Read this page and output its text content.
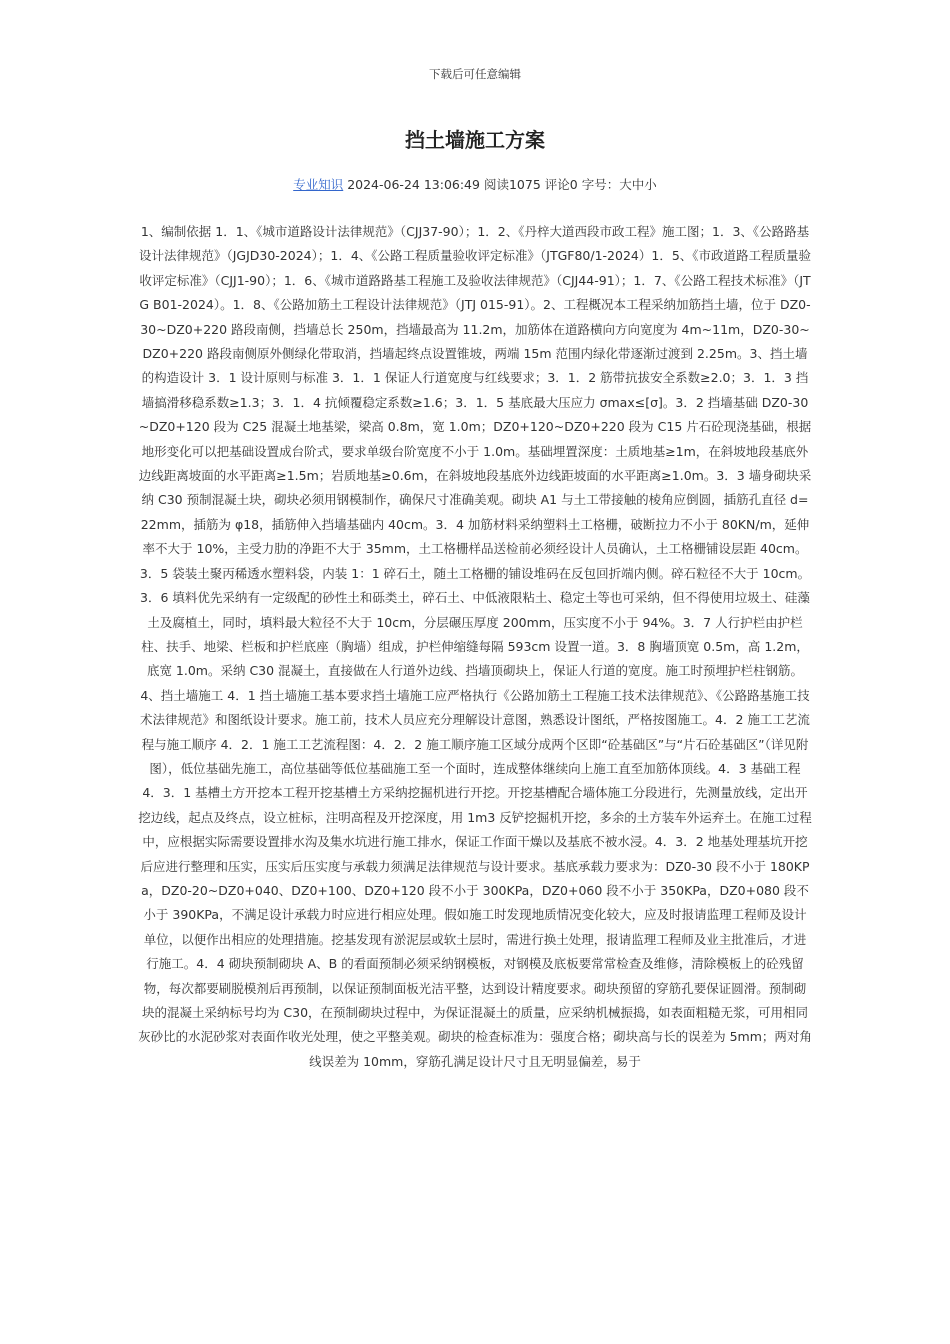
下载后可任意编辑
挡土墙施工方案
专业知识 2024-06-24 13:06:49 阅读1075 评论0 字号：大中小

1、编制依据 1．1、《城市道路设计法律规范》（CJJ37-90）；1．2、《丹梓大道西段市政工程》施工图；1．3、《公路路基设计法律规范》（JGJD30-2024）；1．4、《公路工程质量验收评定标准》（JTGF80/1-2024）1．5、《市政道路工程质量验收评定标准》（CJJ1-90）；1．6、《城市道路路基工程施工及验收法律规范》（CJJ44-91）；1．7、《公路工程技术标准》（JTG B01-2024）。1．8、《公路加筋土工程设计法律规范》（JTJ 015-91）。2、工程概况本工程采纳加筋挡土墙，位于 DZ0-30~DZ0+220 路段南侧，挡墙总长 250m，挡墙最高为 11.2m，加筋体在道路横向方向宽度为 4m~11m，DZ0-30~DZ0+220 路段南侧原外侧绿化带取消，挡墙起终点设置锥坡，两端 15m 范围内绿化带逐渐过渡到 2.25m。3、挡土墙的构造设计 3．1 设计原则与标准 3．1．1 保证人行道宽度与红线要求；3．1．2 筋带抗拔安全系数≥2.0；3．1．3 挡墙搞滑移稳系数≥1.3；3．1．4 抗倾覆稳定系数≥1.6；3．1．5 基底最大压应力 σmax≤[σ]。3．2 挡墙基础 DZ0-30~DZ0+120 段为 C25 混凝土地基梁，梁高 0.8m，宽 1.0m；DZ0+120~DZ0+220 段为 C15 片石砼现浇基础，根据地形变化可以把基础设置成台阶式，要求单级台阶宽度不小于 1.0m。基础埋置深度：土质地基≥1m，在斜坡地段基底外边线距离坡面的水平距离≥1.5m；岩质地基≥0.6m，在斜坡地段基底外边线距坡面的水平距离≥1.0m。3．3 墙身砌块采纳 C30 预制混凝土块，砌块必须用钢模制作，确保尺寸准确美观。砌块 A1 与土工带接触的棱角应倒圆，插筋孔直径 d=22mm，插筋为 φ18，插筋伸入挡墙基础内 40cm。3．4 加筋材料采纳塑料土工格栅，破断拉力不小于 80KN/m，延伸率不大于 10%，主受力肋的净距不大于 35mm，土工格栅样品送检前必须经设计人员确认，土工格栅铺设层距 40cm。3．5 袋装土聚丙稀透水塑料袋，内装 1：1 碎石土，随土工格栅的铺设堆码在反包回折端内侧。碎石粒径不大于 10cm。3．6 填料优先采纳有一定级配的砂性土和砾类土，碎石土、中低液限粘土、稳定土等也可采纳，但不得使用垃圾土、硅藻土及腐植土，同时，填料最大粒径不大于 10cm，分层碾压厚度 200mm，压实度不小于 94%。3．7 人行护栏由护栏柱、扶手、地梁、栏板和护栏底座（胸墙）组成，护栏伸缩缝每隔 593cm 设置一道。3．8 胸墙顶宽 0.5m，高 1.2m，底宽 1.0m。采纳 C30 混凝土，直接做在人行道外边线、挡墙顶砌块上，保证人行道的宽度。施工时预埋护栏柱钢筋。4、挡土墙施工 4．1 挡土墙施工基本要求挡土墙施工应严格执行《公路加筋土工程施工技术法律规范》、《公路路基施工技术法律规范》和图纸设计要求。施工前，技术人员应充分理解设计意图，熟悉设计图纸，严格按图施工。4．2 施工工艺流程与施工顺序 4．2．1 施工工艺流程图：4．2．2 施工顺序施工区域分成两个区即“砼基础区”与“片石砼基础区”（详见附图），低位基础先施工，高位基础等低位基础施工至一个面时，连成整体继续向上施工直至加筋体顶线。4．3 基础工程 4．3．1 基槽土方开挖本工程开挖基槽土方采纳挖掘机进行开挖。开挖基槽配合墙体施工分段进行，先测量放线，定出开挖边线，起点及终点，设立桩标，注明高程及开挖深度，用 1m3 反铲挖掘机开挖，多余的土方装车外运弃土。在施工过程中，应根据实际需要设置排水沟及集水坑进行施工排水，保证工作面干燥以及基底不被水浸。4．3．2 地基处理基坑开挖后应进行整理和压实，压实后压实度与承载力须满足法律规范与设计要求。基底承载力要求为：DZ0-30 段不小于 180KPa，DZ0-20~DZ0+040、DZ0+100、DZ0+120 段不小于 300KPa，DZ0+060 段不小于 350KPa，DZ0+080 段不小于 390KPa，不满足设计承载力时应进行相应处理。假如施工时发现地质情况变化较大，应及时报请监理工程师及设计单位，以便作出相应的处理措施。挖基发现有淤泥层或软土层时，需进行换土处理，报请监理工程师及业主批准后，才进行施工。4．4 砌块预制砌块 A、B 的看面预制必须采纳钢模板，对钢模及底板要常常检查及维修，清除模板上的砼残留物，每次都要刷脱模剂后再预制，以保证预制面板光洁平整，达到设计精度要求。砌块预留的穿筋孔要保证圆滑。预制砌块的混凝土采纳标号均为 C30，在预制砌块过程中，为保证混凝土的质量，应采纳机械振捣，如表面粗糙无浆，可用相同灰砂比的水泥砂浆对表面作收光处理，使之平整美观。砌块的检查标准为：强度合格；砌块高与长的误差为 5mm；两对角线误差为 10mm，穿筋孔满足设计尺寸且无明显偏差，易于
